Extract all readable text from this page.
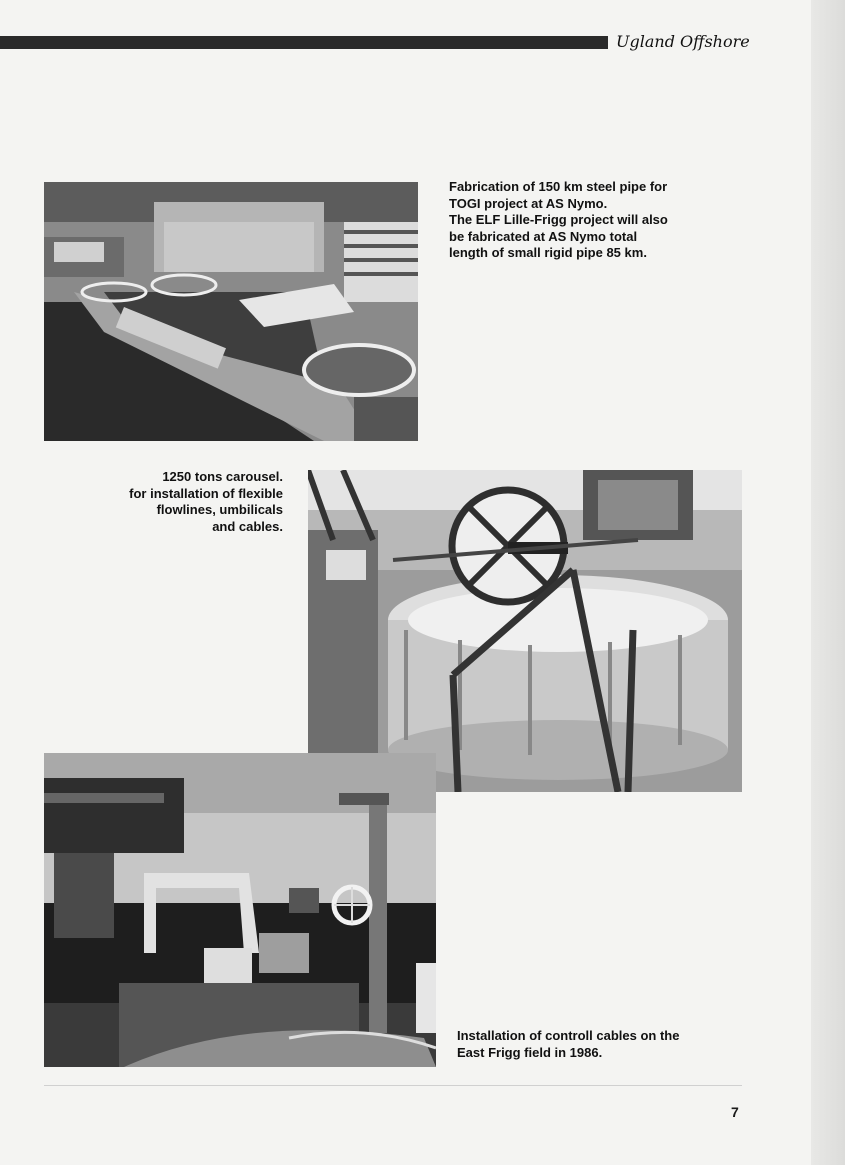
Ugland Offshore
Fabrication of 150 km steel pipe for
TOGI project at AS Nymo.
The ELF Lille-Frigg project will also
be fabricated at AS Nymo total
length of small rigid pipe 85 km.
1250 tons carousel.
for installation of flexible
flowlines, umbilicals
and cables.
Installation of controll cables on the
East Frigg field in 1986.
7
